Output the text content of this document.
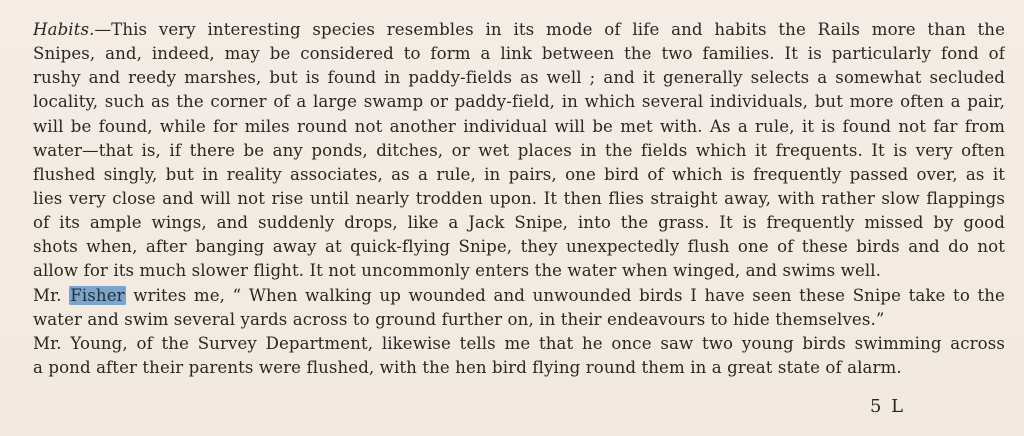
Habits.—This very interesting species resembles in its mode of life and habits the Rails more than the
Snipes, and, indeed, may be considered to form a link between the two families. It is particularly fond of
rushy and reedy marshes, but is found in paddy-fields as well ; and it generally selects a somewhat secluded
locality, such as the corner of a large swamp or paddy-field, in which several individuals, but more often a pair,
will be found, while for miles round not another individual will be met with. As a rule, it is found not far from
water—that is, if there be any ponds, ditches, or wet places in the fields which it frequents. It is very often
flushed singly, but in reality associates, as a rule, in pairs, one bird of which is frequently passed over, as it
lies very close and will not rise until nearly trodden upon. It then flies straight away, with rather slow flappings
of its ample wings, and suddenly drops, like a Jack Snipe, into the grass. It is frequently missed by good
shots when, after banging away at quick-flying Snipe, they unexpectedly flush one of these birds and do not
allow for its much slower flight. It not uncommonly enters the water when winged, and swims well.
Mr. Fisher writes me, “ When walking up wounded and unwounded birds I have seen these Snipe take to the
water and swim several yards across to ground further on, in their endeavours to hide themselves.”
Mr. Young, of the Survey Department, likewise tells me that he once saw two young birds swimming across
a pond after their parents were flushed, with the hen bird flying round them in a great state of alarm.
5 L
